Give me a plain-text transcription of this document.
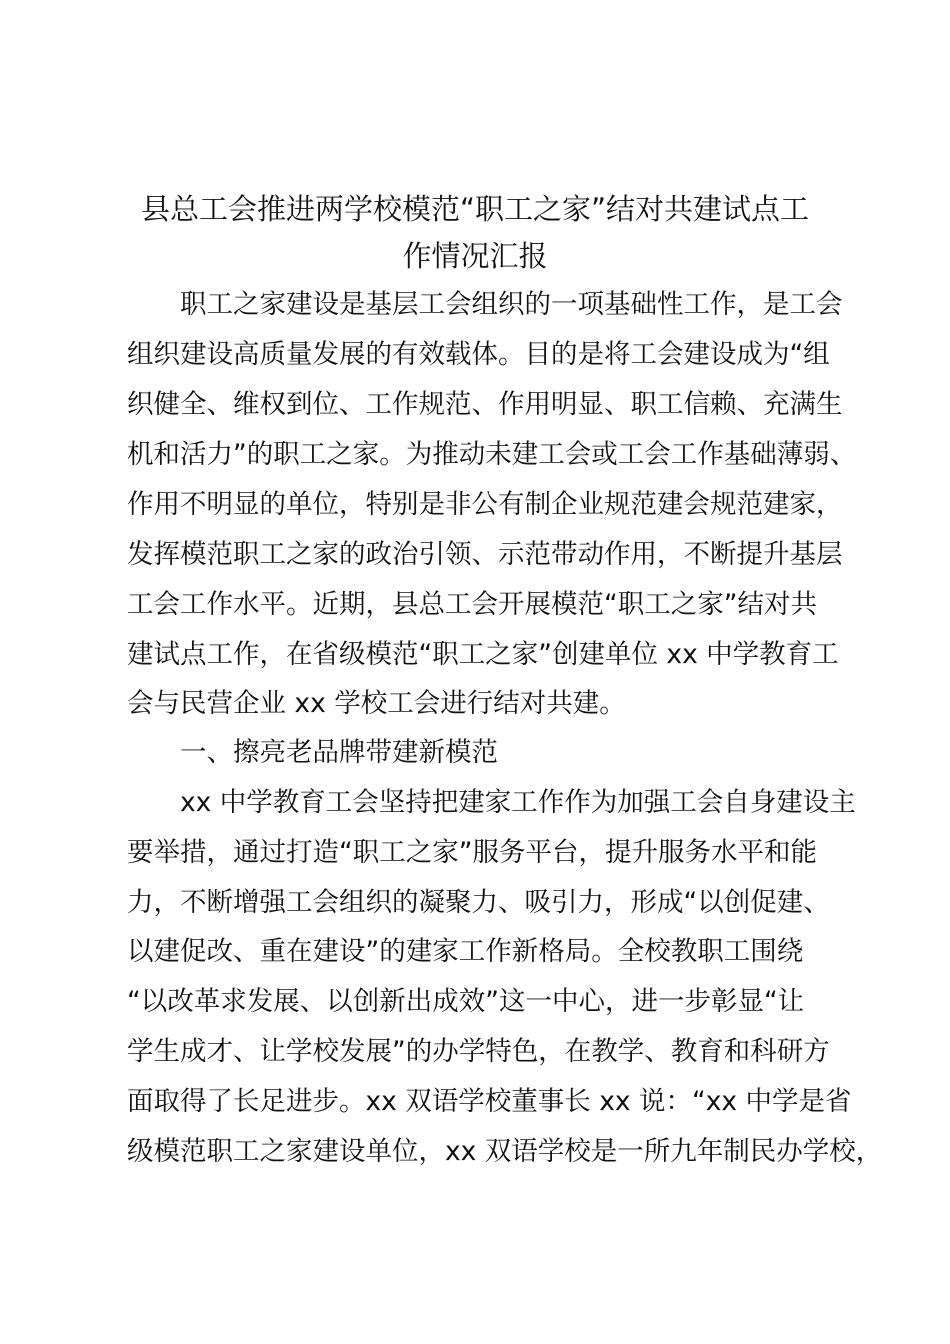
县总工会推进两学校模范“职工之家”结对共建试点工
作情况汇报
职工之家建设是基层工会组织的一项基础性工作，是工会
组织建设高质量发展的有效载体。目的是将工会建设成为“组
织健全、维权到位、工作规范、作用明显、职工信赖、充满生
机和活力”的职工之家。为推动未建工会或工会工作基础薄弱、
作用不明显的单位，特别是非公有制企业规范建会规范建家，
发挥模范职工之家的政治引领、示范带动作用，不断提升基层
工会工作水平。近期，县总工会开展模范“职工之家”结对共
建试点工作，在省级模范“职工之家”创建单位 xx 中学教育工
会与民营企业 xx 学校工会进行结对共建。
一、擦亮老品牌带建新模范
xx 中学教育工会坚持把建家工作作为加强工会自身建设主
要举措，通过打造“职工之家”服务平台，提升服务水平和能
力，不断增强工会组织的凝聚力、吸引力，形成“以创促建、
以建促改、重在建设”的建家工作新格局。全校教职工围绕
“以改革求发展、以创新出成效”这一中心，进一步彰显“让
学生成才、让学校发展”的办学特色，在教学、教育和科研方
面取得了长足进步。xx 双语学校董事长 xx 说：“xx 中学是省
级模范职工之家建设单位，xx 双语学校是一所九年制民办学校，
